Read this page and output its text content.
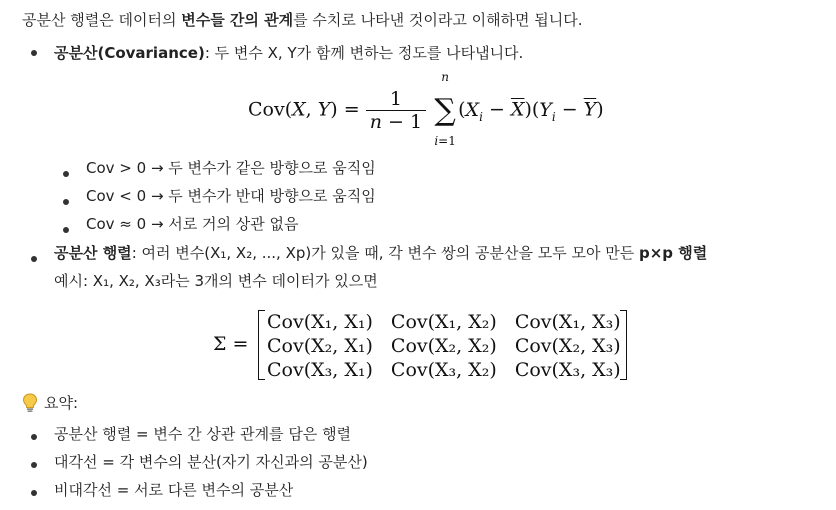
공분산 행렬은 데이터의 변수들 간의 관계를 수치로 나타낸 것이라고 이해하면 됩니다.
공분산(Covariance): 두 변수 X, Y가 함께 변하는 정도를 나타냅니다.
Cov(X, $Y) = \frac{1}{n - 1}$

n
∑
i=1
$(X_i - \overline{X})(Y_i - \overline{Y})$
Cov > 0 → 두 변수가 같은 방향으로 움직임
Cov < 0 → 두 변수가 반대 방향으로 움직임
Cov ≈ 0 → 서로 거의 상관 없음
공분산 행렬: 여러 변수(X₁, X₂, ..., Xp)가 있을 때, 각 변수 쌍의 공분산을 모두 모아 만든 p×p 행렬
예시: X₁, X₂, X₃라는 3개의 변수 데이터가 있으면
Σ =
Cov(X₁, X₁)	Cov(X₁, X₂)	Cov(X₁, X₃)
Cov(X₂, X₁)	Cov(X₂, X₂)	Cov(X₂, X₃)
Cov(X₃, X₁)	Cov(X₃, X₂)	Cov(X₃, X₃)
요약:
공분산 행렬 = 변수 간 상관 관계를 담은 행렬
대각선 = 각 변수의 분산(자기 자신과의 공분산)
비대각선 = 서로 다른 변수의 공분산
